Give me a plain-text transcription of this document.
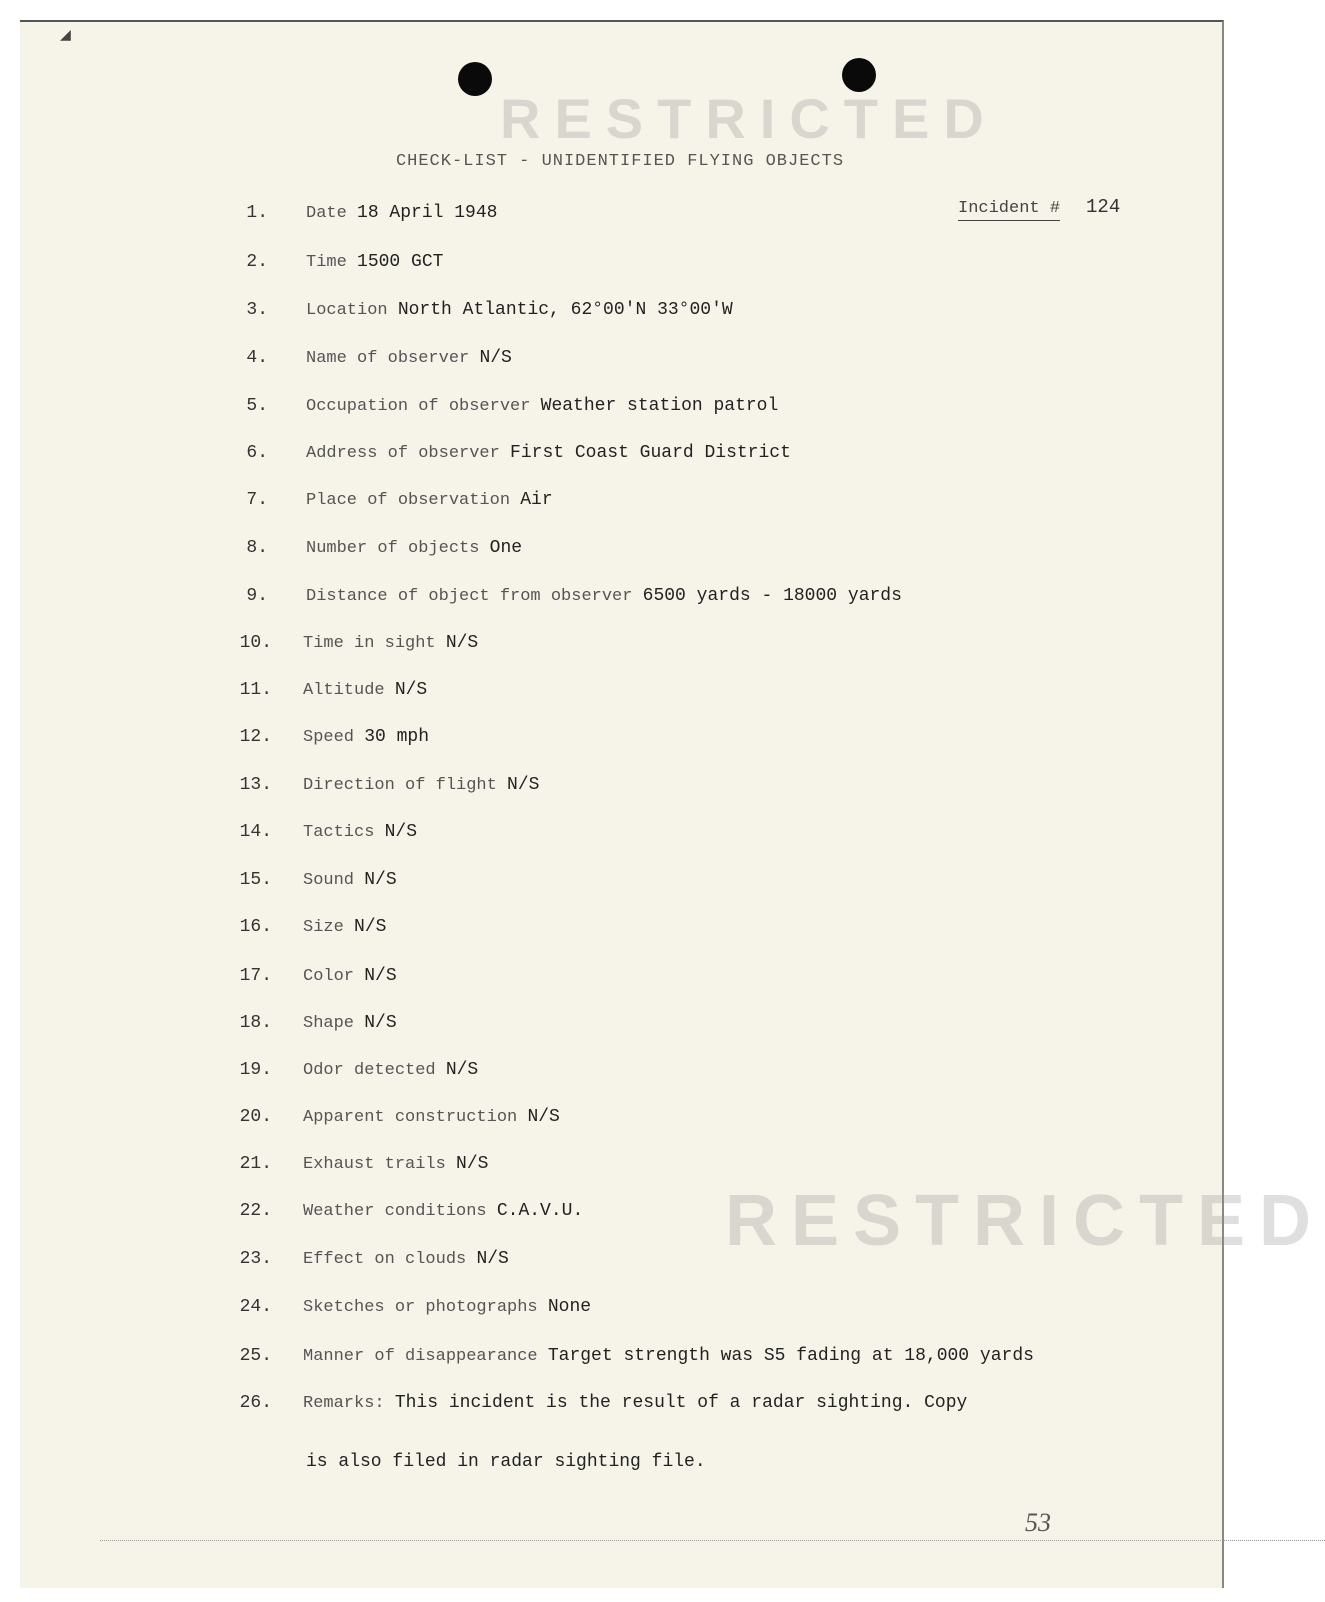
◢
RESTRICTED
RESTRICTED
CHECK-LIST - UNIDENTIFIED FLYING OBJECTS
Incident # 124
1. Date 18 April 1948
2. Time 1500 GCT
3. Location North Atlantic, 62°00'N 33°00'W
4. Name of observer N/S
5. Occupation of observer Weather station patrol
6. Address of observer First Coast Guard District
7. Place of observation Air
8. Number of objects One
9. Distance of object from observer 6500 yards - 18000 yards
10. Time in sight N/S
11. Altitude N/S
12. Speed 30 mph
13. Direction of flight N/S
14. Tactics N/S
15. Sound N/S
16. Size N/S
17. Color N/S
18. Shape N/S
19. Odor detected N/S
20. Apparent construction N/S
21. Exhaust trails N/S
22. Weather conditions C.A.V.U.
23. Effect on clouds N/S
24. Sketches or photographs None
25. Manner of disappearance Target strength was S5 fading at 18,000 yards
26. Remarks: This incident is the result of a radar sighting. Copy
is also filed in radar sighting file.
53
